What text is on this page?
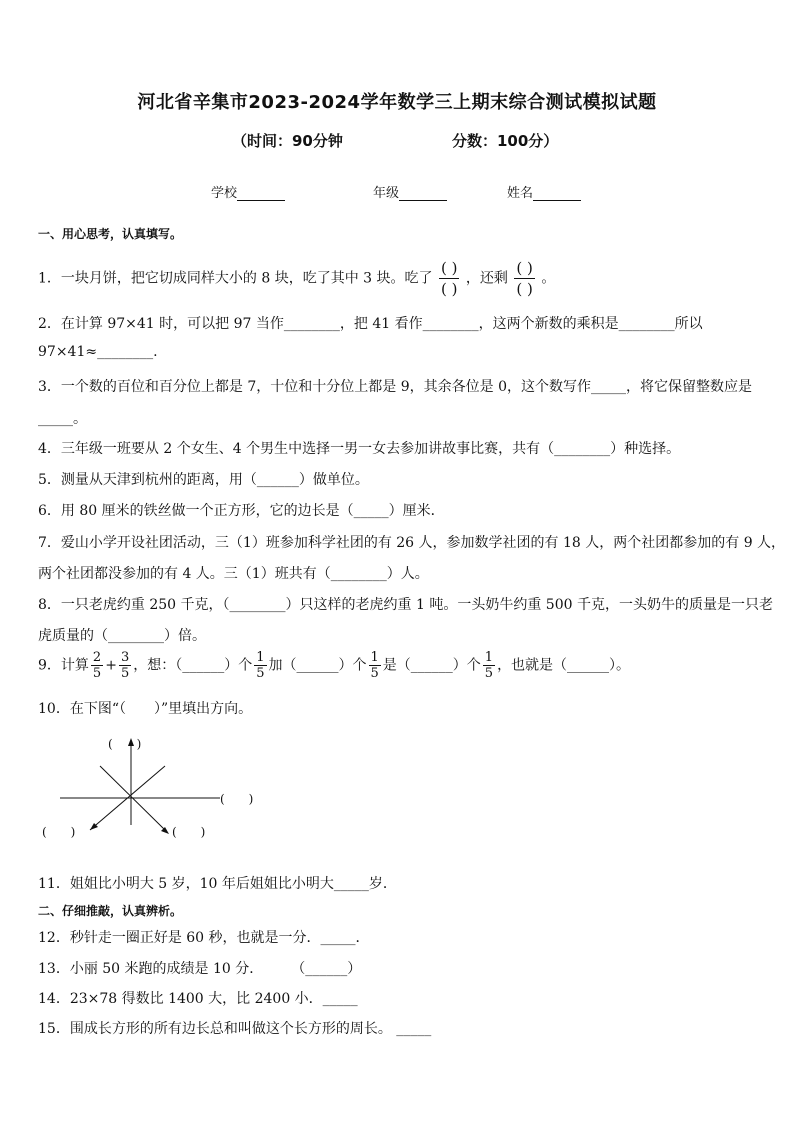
河北省辛集市2023-2024学年数学三上期末综合测试模拟试题
（时间：90分钟	分数：100分）
学校	年级	姓名
一、用心思考，认真填写。
1．一块月饼，把它切成同样大小的 8 块，吃了其中 3 块。吃了 $\frac{( )}{( )}$ ，还剩 $\frac{( )}{( )}$ 。
2．在计算 97×41 时，可以把 97 当作________，把 41 看作________，这两个新数的乘积是________所以
97×41≈________.
3．一个数的百位和百分位上都是 7，十位和十分位上都是 9，其余各位是 0，这个数写作_____，将它保留整数应是
_____。
4．三年级一班要从 2 个女生、4 个男生中选择一男一女去参加讲故事比赛，共有（________）种选择。
5．测量从天津到杭州的距离，用（______）做单位。
6．用 80 厘米的铁丝做一个正方形，它的边长是（_____）厘米．
7．爱山小学开设社团活动，三（1）班参加科学社团的有 26 人，参加数学社团的有 18 人，两个社团都参加的有 9 人，
两个社团都没参加的有 4 人。三（1）班共有（________）人。
8．一只老虎约重 250 千克，（________）只这样的老虎约重 1 吨。一头奶牛约重 500 千克，一头奶牛的质量是一只老
虎质量的（________）倍。
9．计算 $\frac{2}{5} + \frac{3}{5}$ ，想：（______）个 $\frac{1}{5}$ 加（______）个 $\frac{1}{5}$ 是（______）个 $\frac{1}{5}$ ，也就是（______）。
10．在下图“（　　）”里填出方向。
(　　)
(　　)
(　　)	(　　)
11．姐姐比小明大 5 岁，10 年后姐姐比小明大_____岁．
二、仔细推敲，认真辨析。
12．秒针走一圈正好是 60 秒，也就是一分．_____．
13．小丽 50 米跑的成绩是 10 分．　　　（______）
14．23×78 得数比 1400 大，比 2400 小．_____
15．围成长方形的所有边长总和叫做这个长方形的周长。 _____
